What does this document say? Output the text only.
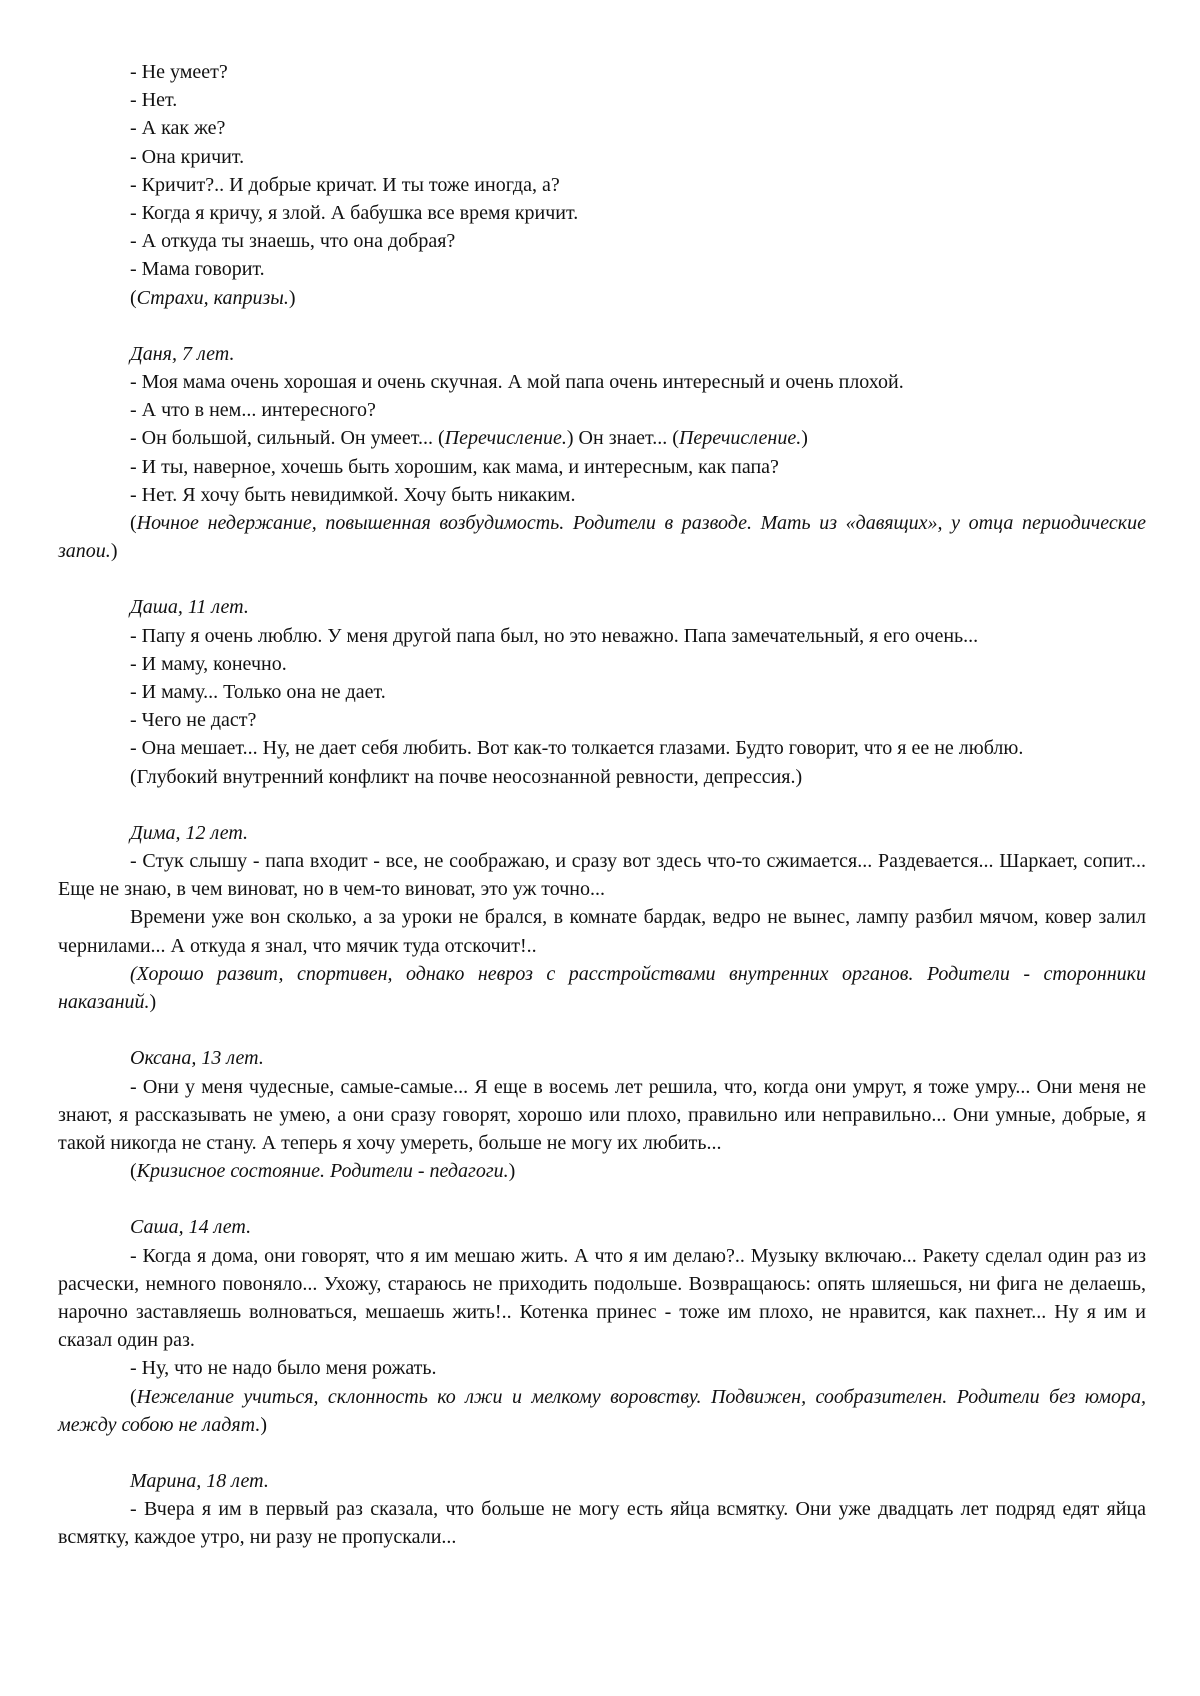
- Не умеет?

- Нет.

- А как же?

- Она кричит.

- Кричит?.. И добрые кричат. И ты тоже иногда, а?

- Когда я кричу, я злой. А бабушка все время кричит.

- А откуда ты знаешь, что она добрая?

- Мама говорит.

(Страхи, капризы.)

Даня, 7 лет.

- Моя мама очень хорошая и очень скучная. А мой папа очень интересный и очень плохой.

- А что в нем... интересного?

- Он большой, сильный. Он умеет... (Перечисление.) Он знает... (Перечисление.)

- И ты, наверное, хочешь быть хорошим, как мама, и интересным, как папа?

- Нет. Я хочу быть невидимкой. Хочу быть никаким.

(Ночное недержание, повышенная возбудимость. Родители в разводе. Мать из «давящих», у отца периодические запои.)

Даша, 11 лет.

- Папу я очень люблю. У меня другой папа был, но это неважно. Папа замечательный, я его очень...

- И маму, конечно.

- И маму... Только она не дает.

- Чего не даст?

- Она мешает... Ну, не дает себя любить. Вот как-то толкается глазами. Будто говорит, что я ее не люблю.

(Глубокий внутренний конфликт на почве неосознанной ревности, депрессия.)

Дима, 12 лет.

- Стук слышу - папа входит - все, не соображаю, и сразу вот здесь что-то сжимается... Раздевается... Шаркает, сопит... Еще не знаю, в чем виноват, но в чем-то виноват, это уж точно...

Времени уже вон сколько, а за уроки не брался, в комнате бардак, ведро не вынес, лампу разбил мячом, ковер залил чернилами... А откуда я знал, что мячик туда отскочит!..

(Хорошо развит, спортивен, однако невроз с расстройствами внутренних органов. Родители - сторонники наказаний.)

Оксана, 13 лет.

- Они у меня чудесные, самые-самые... Я еще в восемь лет решила, что, когда они умрут, я тоже умру... Они меня не знают, я рассказывать не умею, а они сразу говорят, хорошо или плохо, правильно или неправильно... Они умные, добрые, я такой никогда не стану. А теперь я хочу умереть, больше не могу их любить...

(Кризисное состояние. Родители - педагоги.)

Саша, 14 лет.

- Когда я дома, они говорят, что я им мешаю жить. А что я им делаю?.. Музыку включаю... Ракету сделал один раз из расчески, немного повоняло... Ухожу, стараюсь не приходить подольше. Возвращаюсь: опять шляешься, ни фига не делаешь, нарочно заставляешь волноваться, мешаешь жить!.. Котенка принес - тоже им плохо, не нравится, как пахнет... Ну я им и сказал один раз.

- Ну, что не надо было меня рожать.

(Нежелание учиться, склонность ко лжи и мелкому воровству. Подвижен, сообразителен. Родители без юмора, между собою не ладят.)

Марина, 18 лет.

- Вчера я им в первый раз сказала, что больше не могу есть яйца всмятку. Они уже двадцать лет подряд едят яйца всмятку, каждое утро, ни разу не пропускали...
